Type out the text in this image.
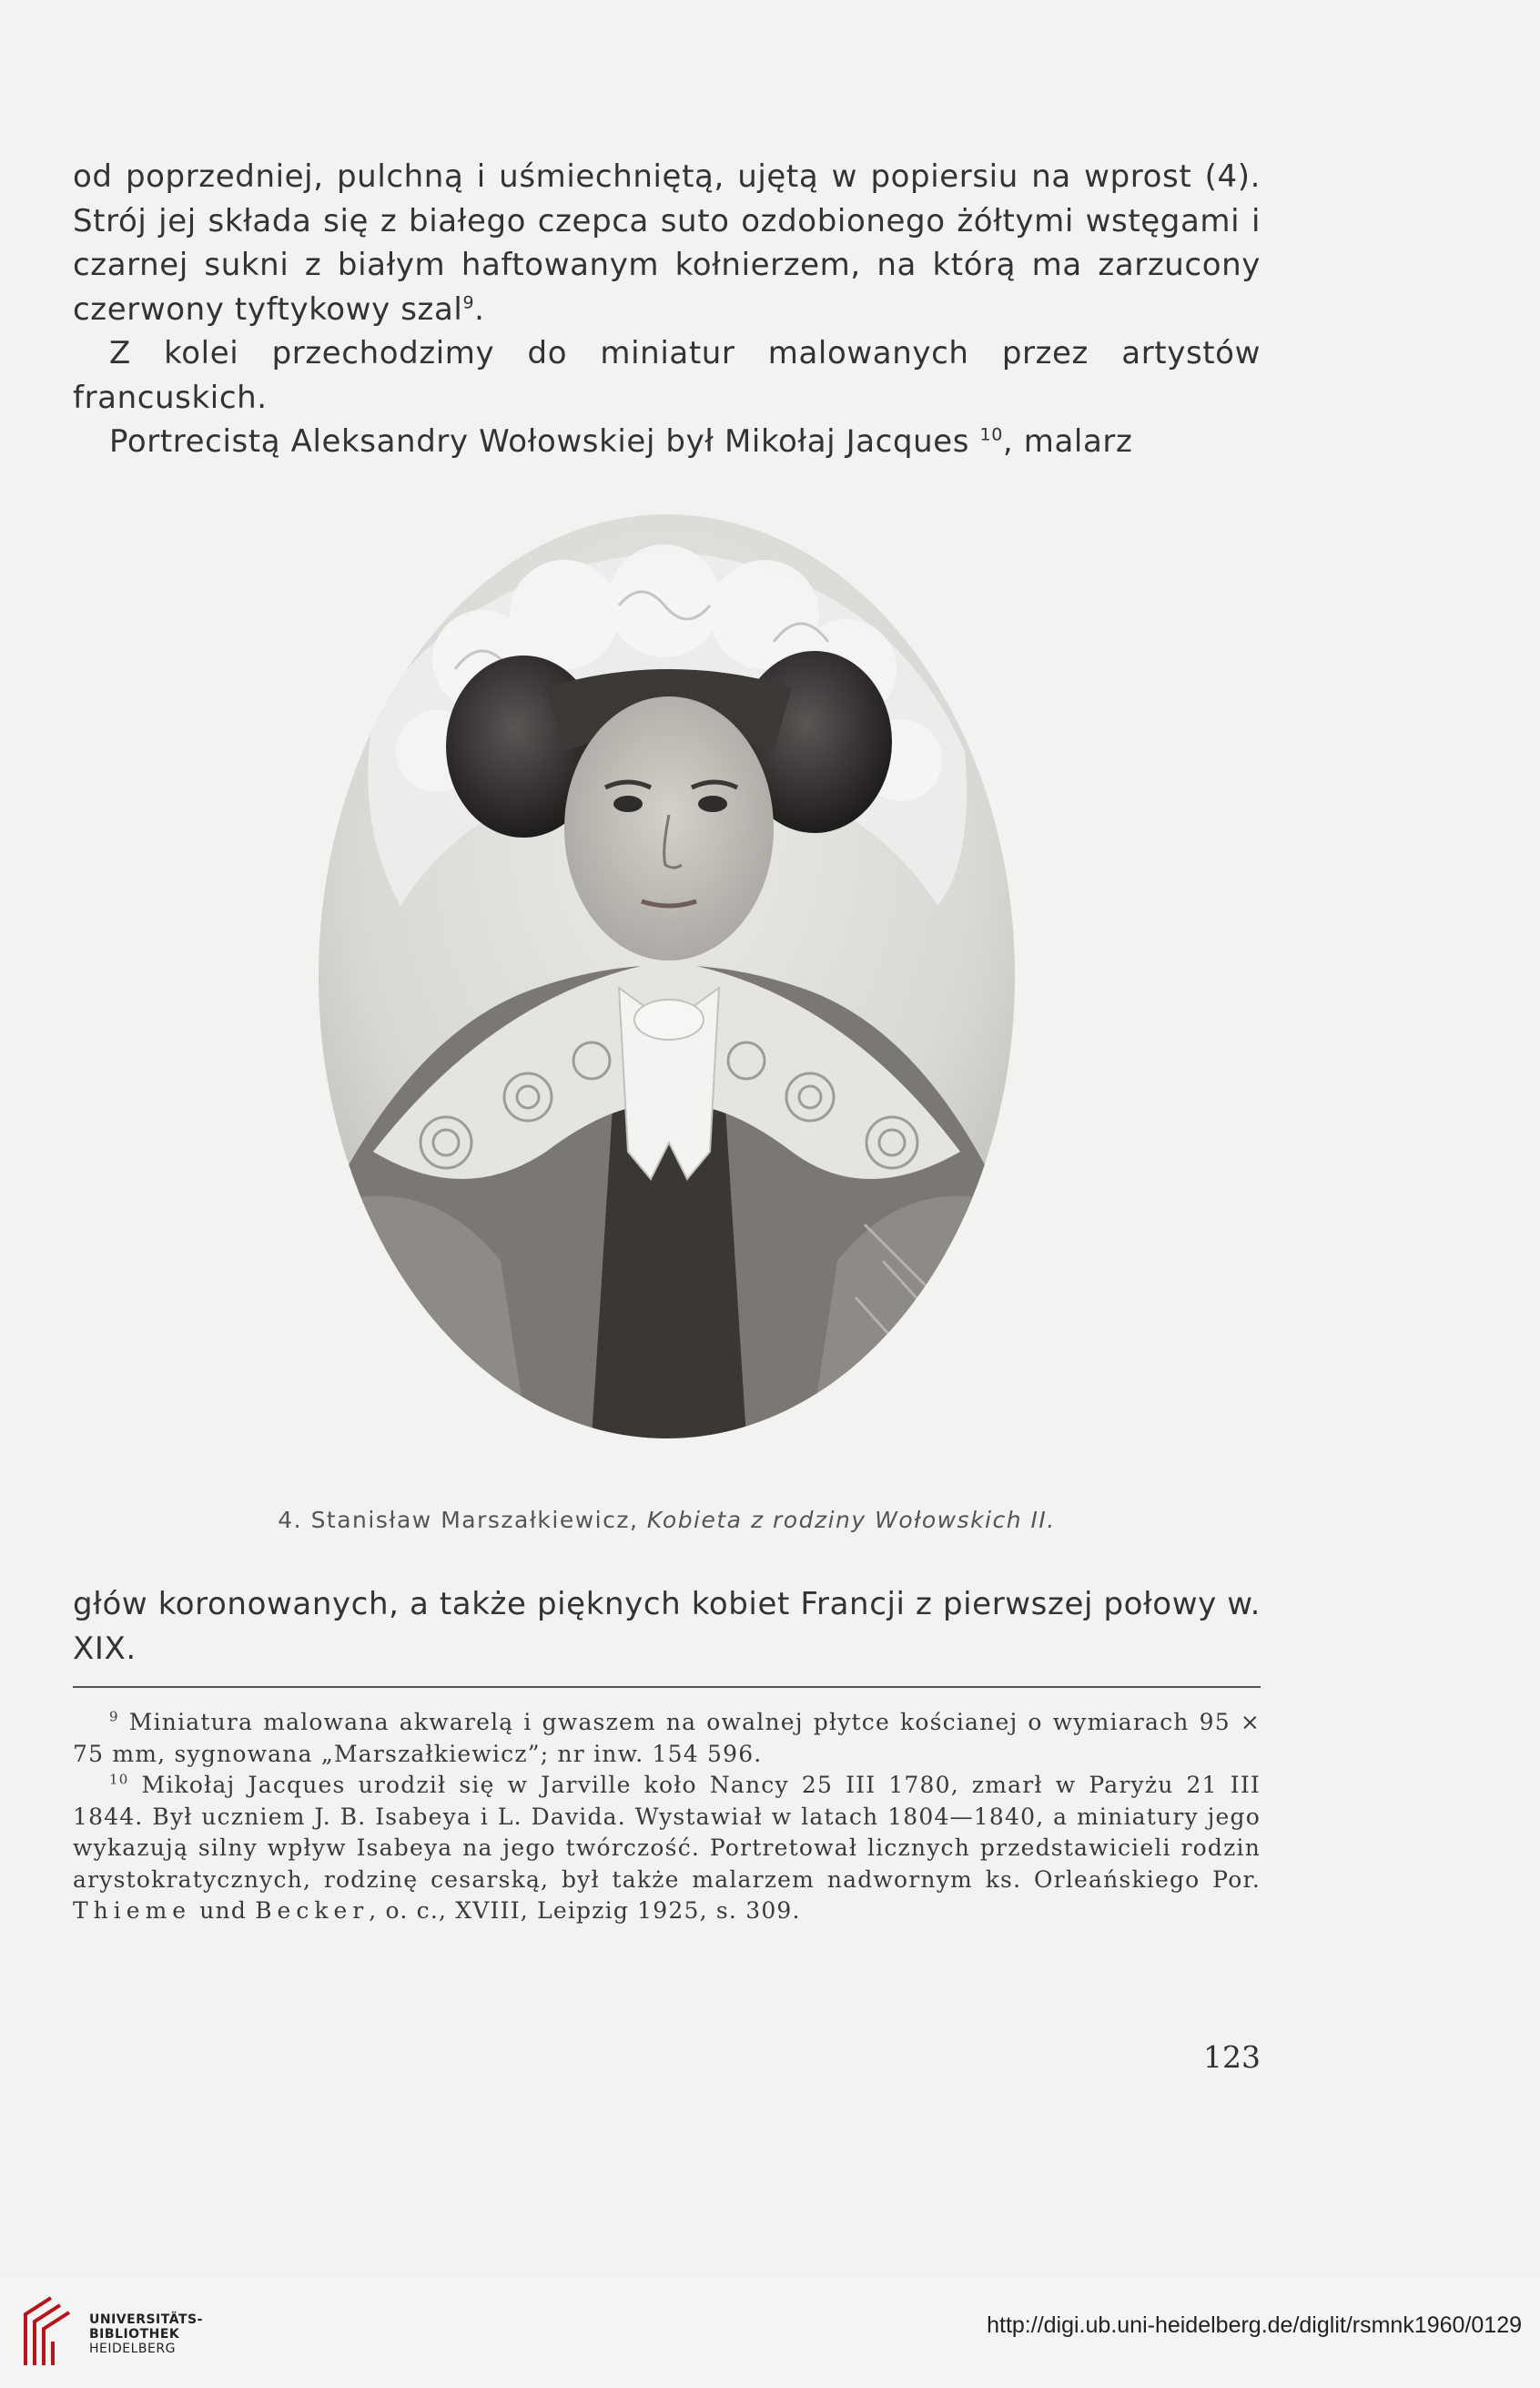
od poprzedniej, pulchną i uśmiechniętą, ujętą w popiersiu na wprost (4). Strój jej składa się z białego czepca suto ozdobionego żółtymi wstęgami i czarnej sukni z białym haftowanym kołnierzem, na którą ma zarzucony czerwony tyftykowy szal$^9$.

Z kolei przechodzimy do miniatur malowanych przez artystów francuskich.

Portrecistą Aleksandry Wołowskiej był Mikołaj Jacques $^{10}$, malarz

4. Stanisław Marszałkiewicz, Kobieta z rodziny Wołowskich II.

głów koronowanych, a także pięknych kobiet Francji z pierwszej połowy w. XIX.

$^9$ Miniatura malowana akwarelą i gwaszem na owalnej płytce kościanej o wymiarach 95 × 75 mm, sygnowana „Marszałkiewicz”; nr inw. 154 596.

$^{10}$ Mikołaj Jacques urodził się w Jarville koło Nancy 25 III 1780, zmarł w Paryżu 21 III 1844. Był uczniem J. B. Isabeya i L. Davida. Wystawiał w latach 1804—1840, a miniatury jego wykazują silny wpływ Isabeya na jego twórczość. Portretował licznych przedstawicieli rodzin arystokratycznych, rodzinę cesarską, był także malarzem nadwornym ks. Orleańskiego Por. Thieme und Becker, o. c., XVIII, Leipzig 1925, s. 309.

123
UNIVERSITÄTS-
BIBLIOTHEK
HEIDELBERG
http://digi.ub.uni-heidelberg.de/diglit/rsmnk1960/0129
